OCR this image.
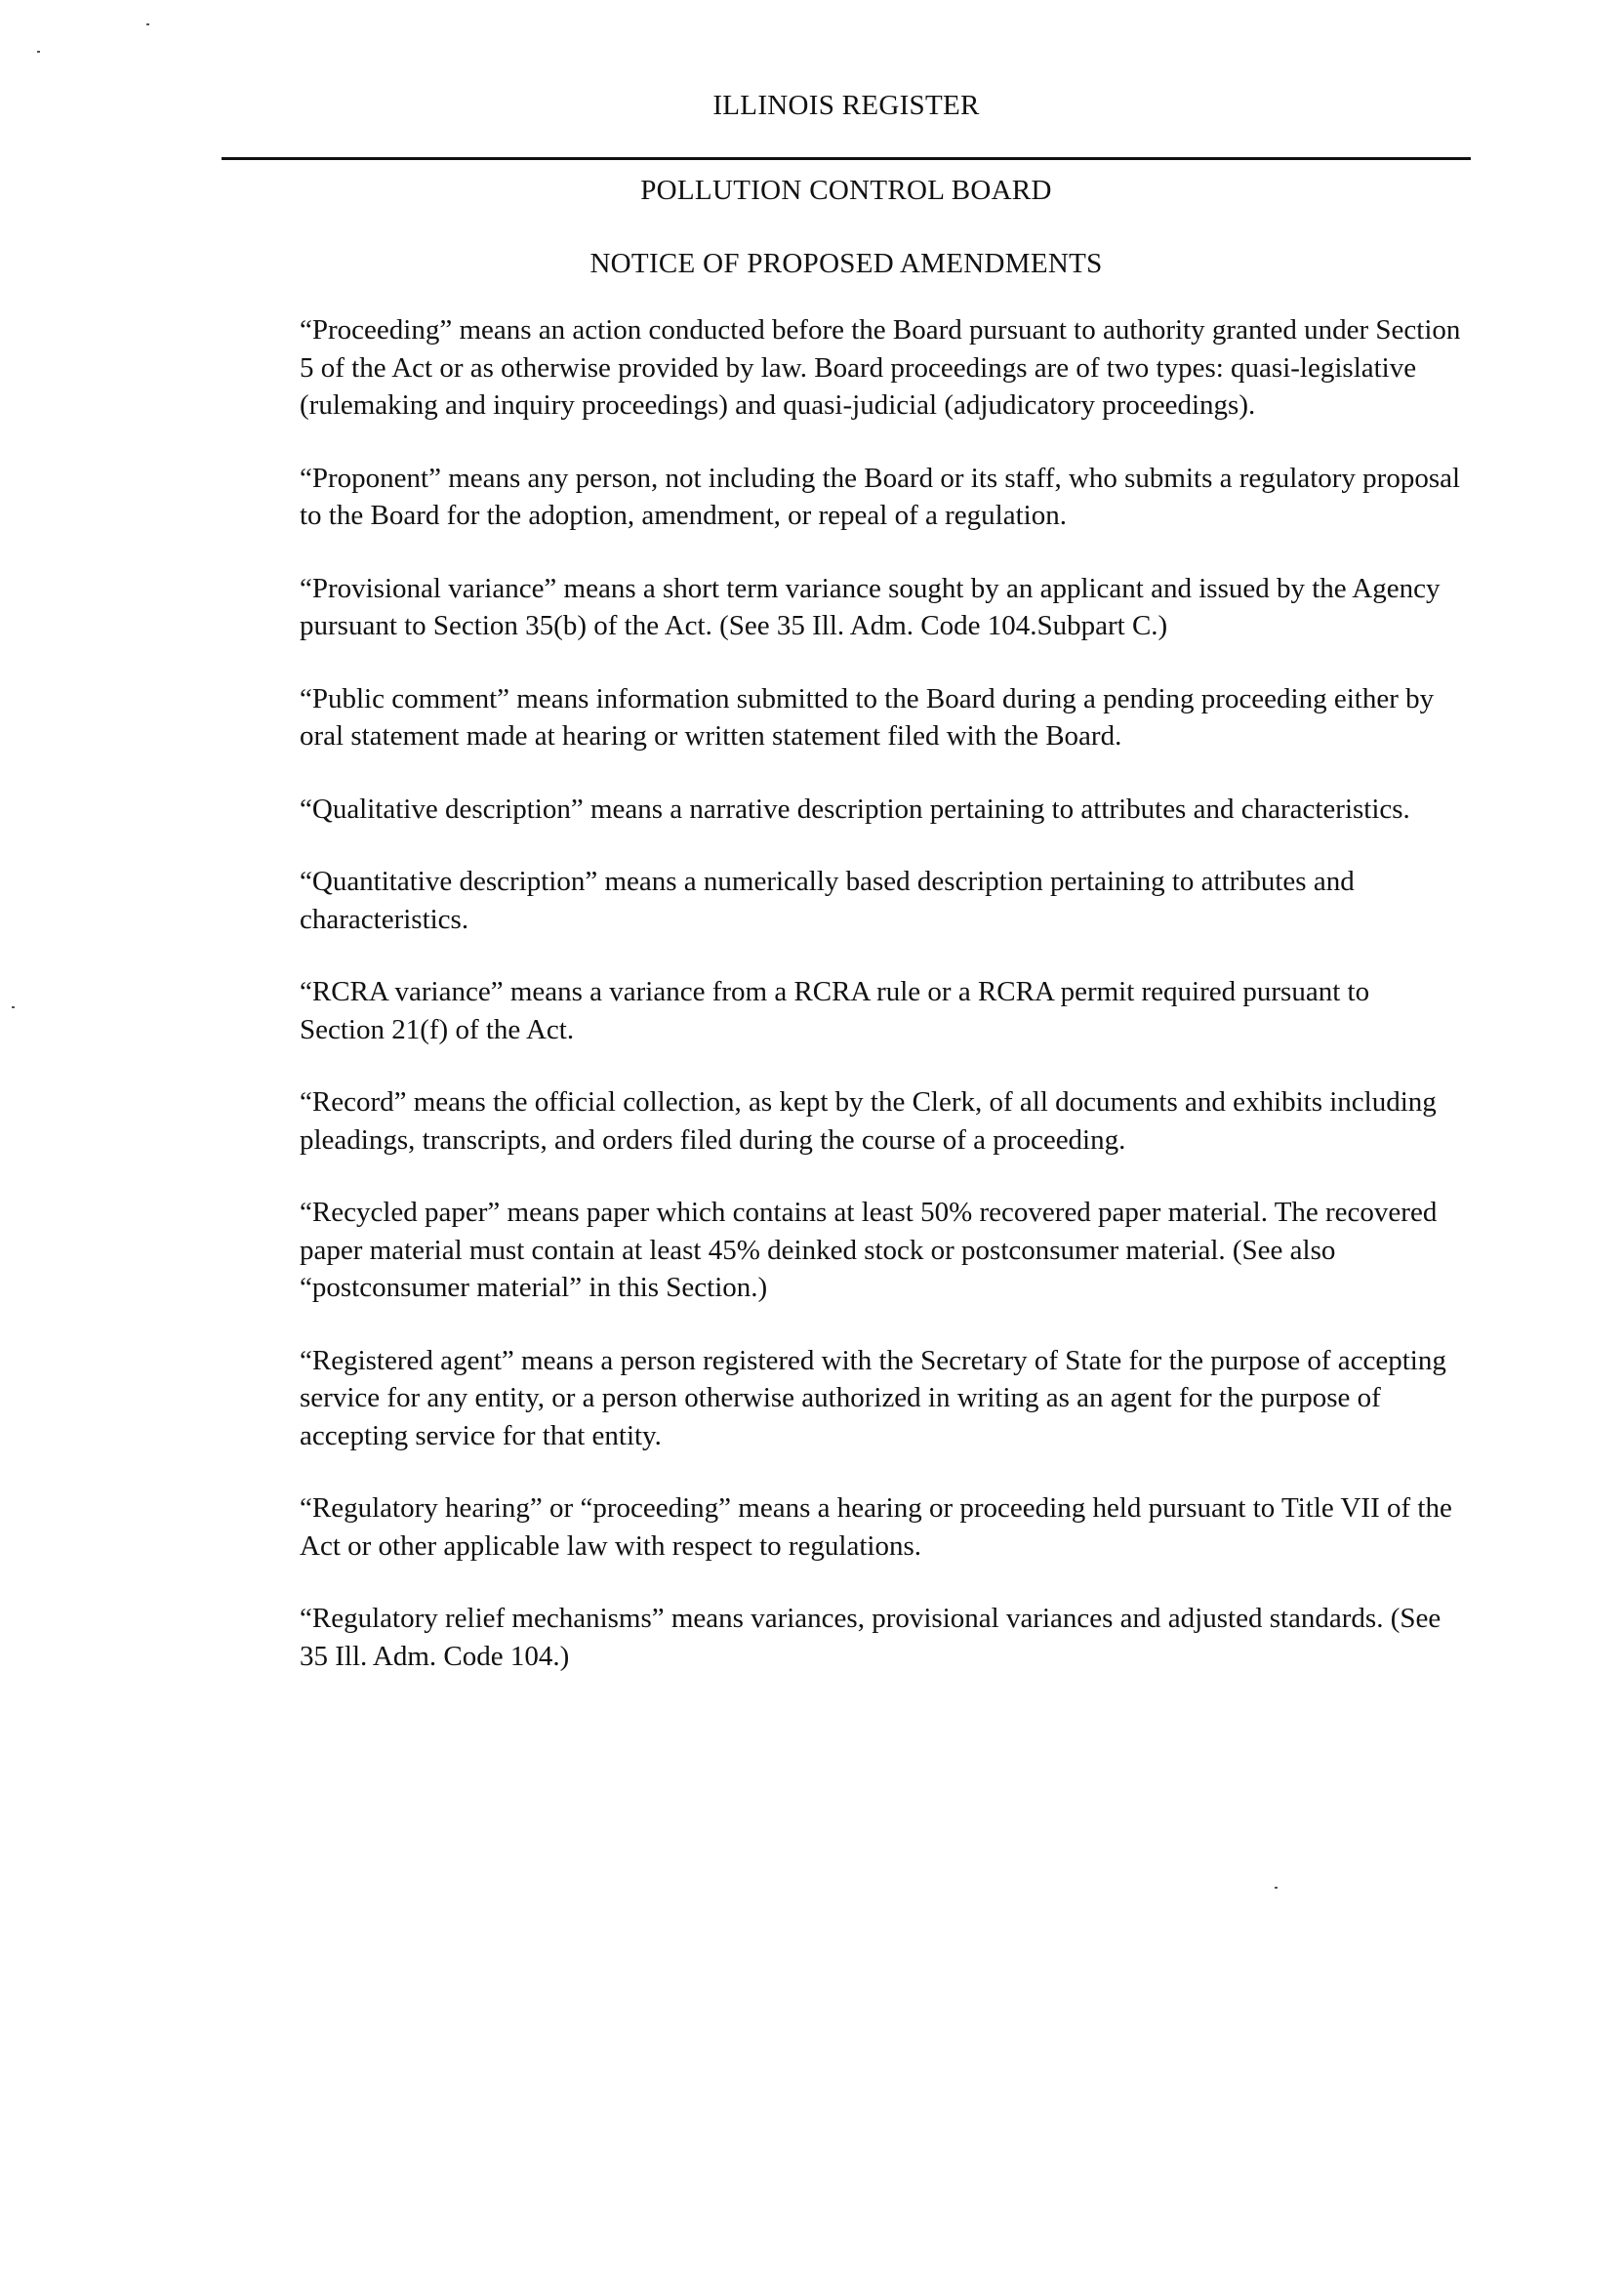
ILLINOIS REGISTER
POLLUTION CONTROL BOARD
NOTICE OF PROPOSED AMENDMENTS
“Proceeding” means an action conducted before the Board pursuant to authority granted under Section 5 of the Act or as otherwise provided by law. Board proceedings are of two types: quasi-legislative (rulemaking and inquiry proceedings) and quasi-judicial (adjudicatory proceedings).
“Proponent” means any person, not including the Board or its staff, who submits a regulatory proposal to the Board for the adoption, amendment, or repeal of a regulation.
“Provisional variance” means a short term variance sought by an applicant and issued by the Agency pursuant to Section 35(b) of the Act. (See 35 Ill. Adm. Code 104.Subpart C.)
“Public comment” means information submitted to the Board during a pending proceeding either by oral statement made at hearing or written statement filed with the Board.
“Qualitative description” means a narrative description pertaining to attributes and characteristics.
“Quantitative description” means a numerically based description pertaining to attributes and characteristics.
“RCRA variance” means a variance from a RCRA rule or a RCRA permit required pursuant to Section 21(f) of the Act.
“Record” means the official collection, as kept by the Clerk, of all documents and exhibits including pleadings, transcripts, and orders filed during the course of a proceeding.
“Recycled paper” means paper which contains at least 50% recovered paper material. The recovered paper material must contain at least 45% deinked stock or postconsumer material. (See also “postconsumer material” in this Section.)
“Registered agent” means a person registered with the Secretary of State for the purpose of accepting service for any entity, or a person otherwise authorized in writing as an agent for the purpose of accepting service for that entity.
“Regulatory hearing” or “proceeding” means a hearing or proceeding held pursuant to Title VII of the Act or other applicable law with respect to regulations.
“Regulatory relief mechanisms” means variances, provisional variances and adjusted standards. (See 35 Ill. Adm. Code 104.)
